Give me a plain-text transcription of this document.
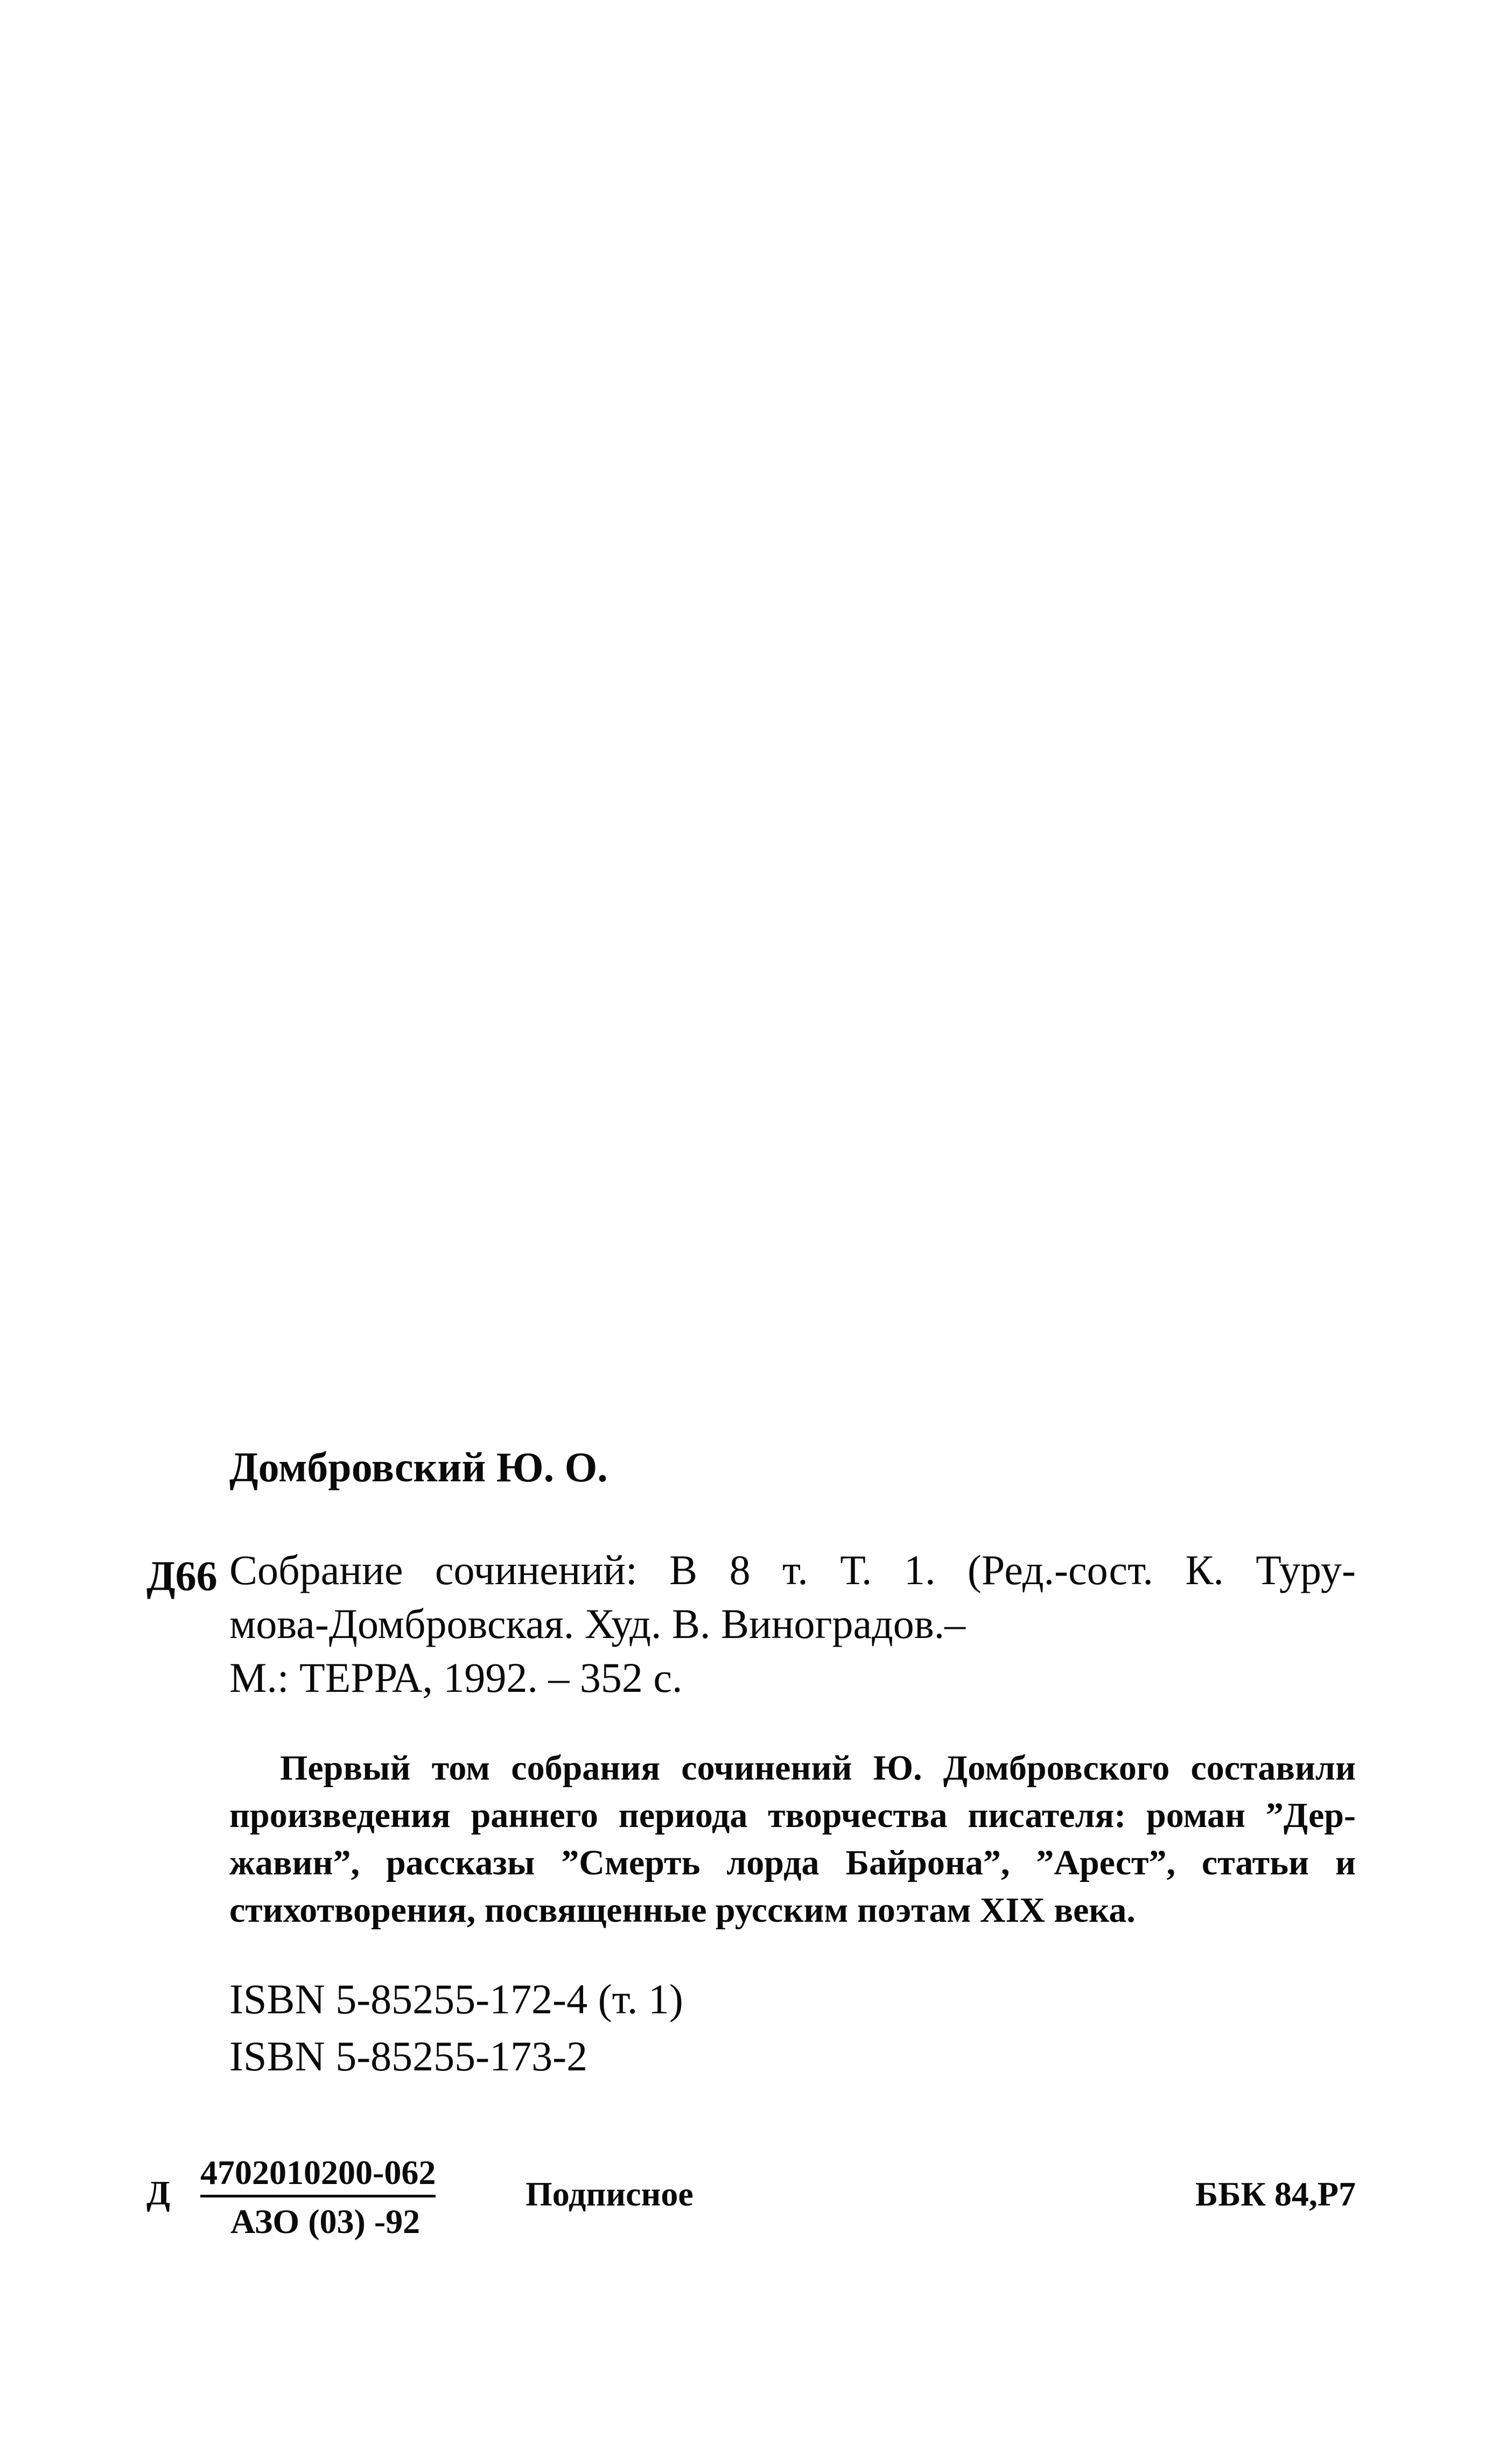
Домбровский Ю. О.
Д66 Собрание сочинений: В 8 т. Т. 1. (Ред.-сост. К. Туру-
мова-Домбровская. Худ. В. Виноградов.–
М.: ТЕРРА, 1992. – 352 с.
Первый том собрания сочинений Ю. Домбровского составили
произведения раннего периода творчества писателя: роман ”Дер-
жавин”, рассказы ”Смерть лорда Байрона”, ”Арест”, статьи и
стихотворения, посвященные русским поэтам XIX века.
ISBN 5-85255-172-4 (т. 1)
ISBN 5-85255-173-2
Д
4702010200-062
АЗО (03) -92
Подписное	ББК 84,Р7
